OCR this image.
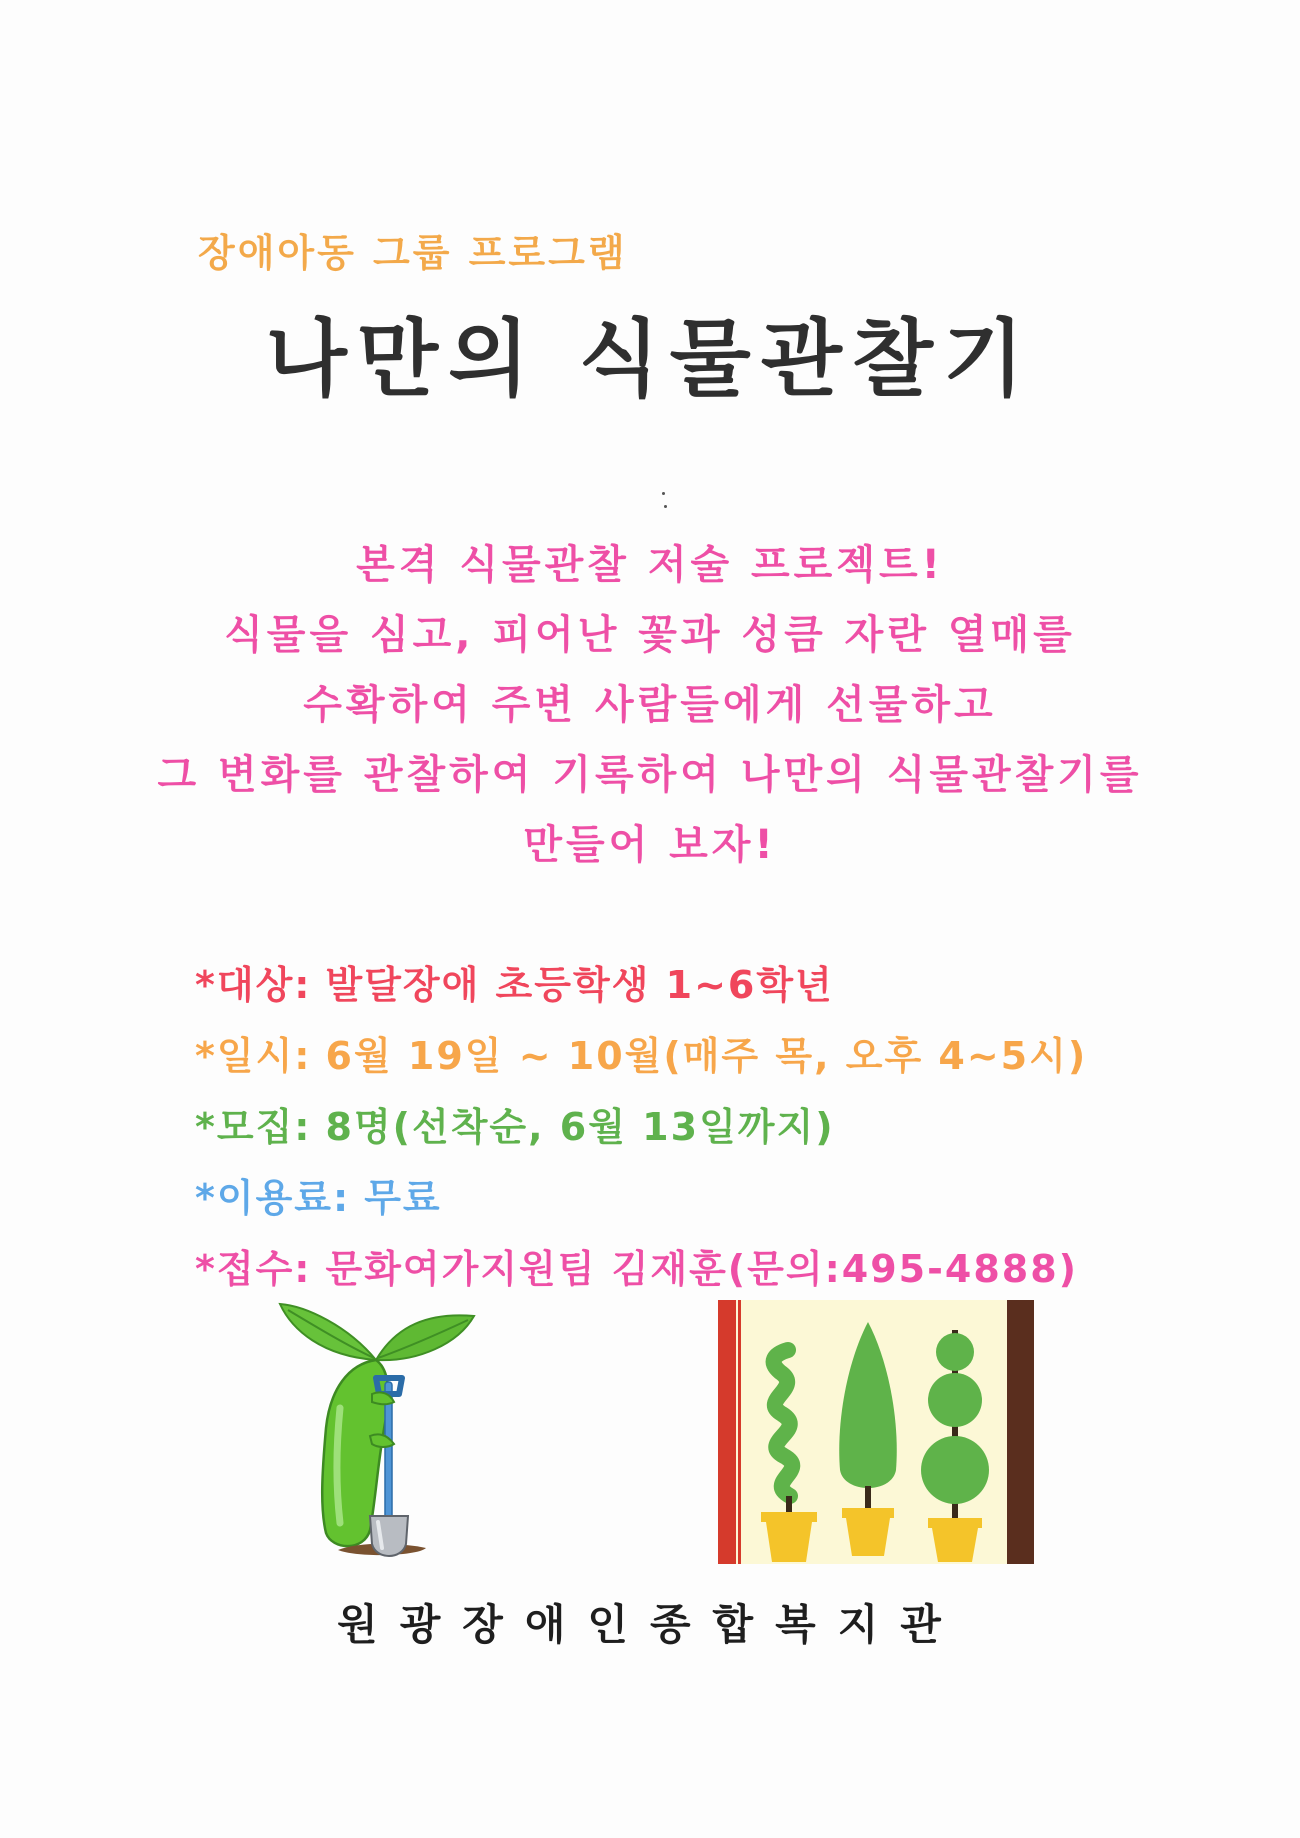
장애아동 그룹 프로그램
나만의 식물관찰기
본격 식물관찰 저술 프로젝트!
식물을 심고, 피어난 꽃과 성큼 자란 열매를
수확하여 주변 사람들에게 선물하고
그 변화를 관찰하여 기록하여 나만의 식물관찰기를
만들어 보자!
*대상: 발달장애 초등학생 1~6학년
*일시: 6월 19일 ~ 10월(매주 목, 오후 4~5시)
*모집: 8명(선착순, 6월 13일까지)
*이용료: 무료
*접수: 문화여가지원팀 김재훈(문의:495-4888)
원광장애인종합복지관
